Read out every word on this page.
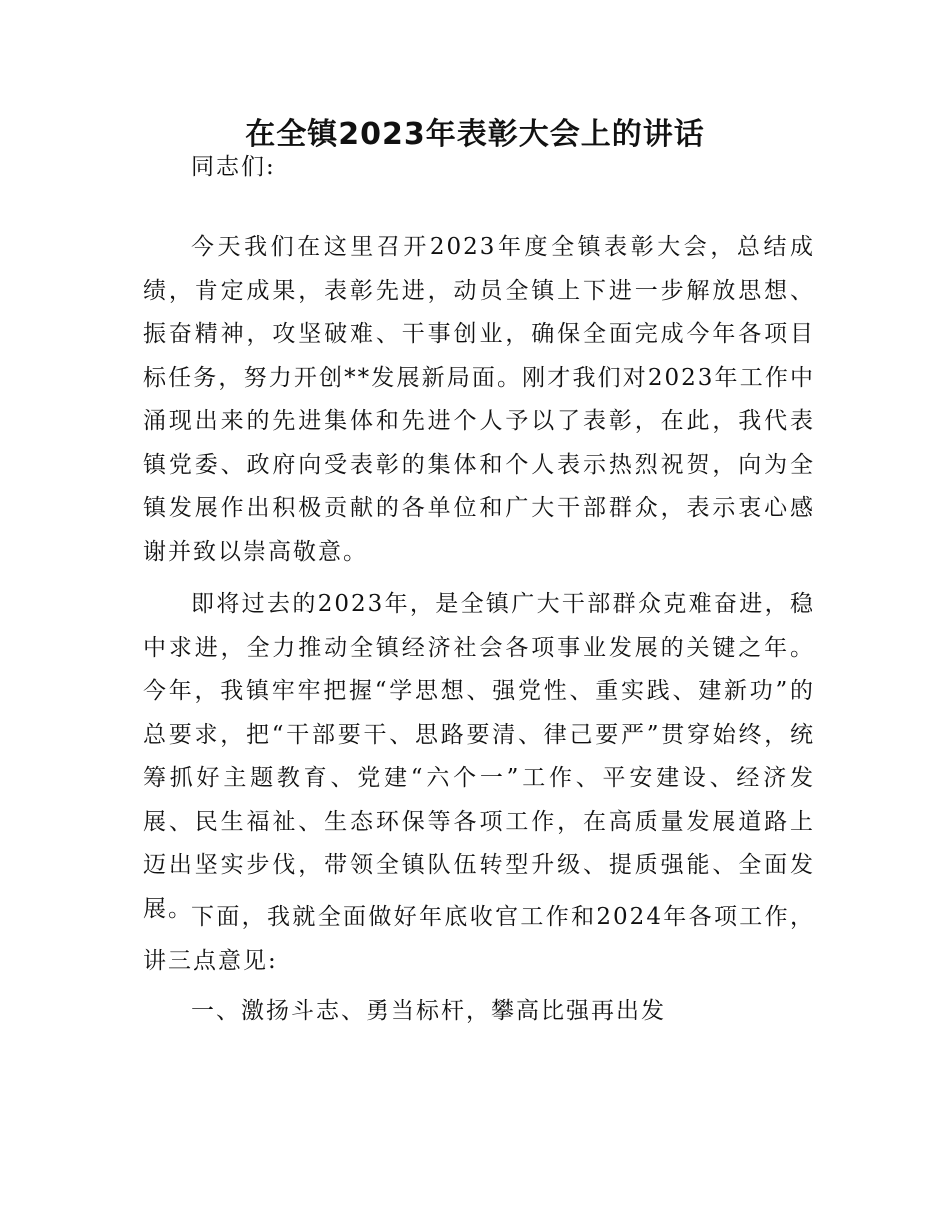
在全镇2023年表彰大会上的讲话

同志们:

今天我们在这里召开2023年度全镇表彰大会，总结成绩，肯定成果，表彰先进，动员全镇上下进一步解放思想、振奋精神，攻坚破难、干事创业，确保全面完成今年各项目标任务，努力开创**发展新局面。刚才我们对2023年工作中涌现出来的先进集体和先进个人予以了表彰，在此，我代表镇党委、政府向受表彰的集体和个人表示热烈祝贺，向为全镇发展作出积极贡献的各单位和广大干部群众，表示衷心感谢并致以崇高敬意。

即将过去的2023年，是全镇广大干部群众克难奋进，稳中求进，全力推动全镇经济社会各项事业发展的关键之年。今年，我镇牢牢把握“学思想、强党性、重实践、建新功”的总要求，把“干部要干、思路要清、律己要严”贯穿始终，统筹抓好主题教育、党建“六个一”工作、平安建设、经济发展、民生福祉、生态环保等各项工作，在高质量发展道路上迈出坚实步伐，带领全镇队伍转型升级、提质强能、全面发展。

下面，我就全面做好年底收官工作和2024年各项工作，讲三点意见:

一、激扬斗志、勇当标杆，攀高比强再出发
